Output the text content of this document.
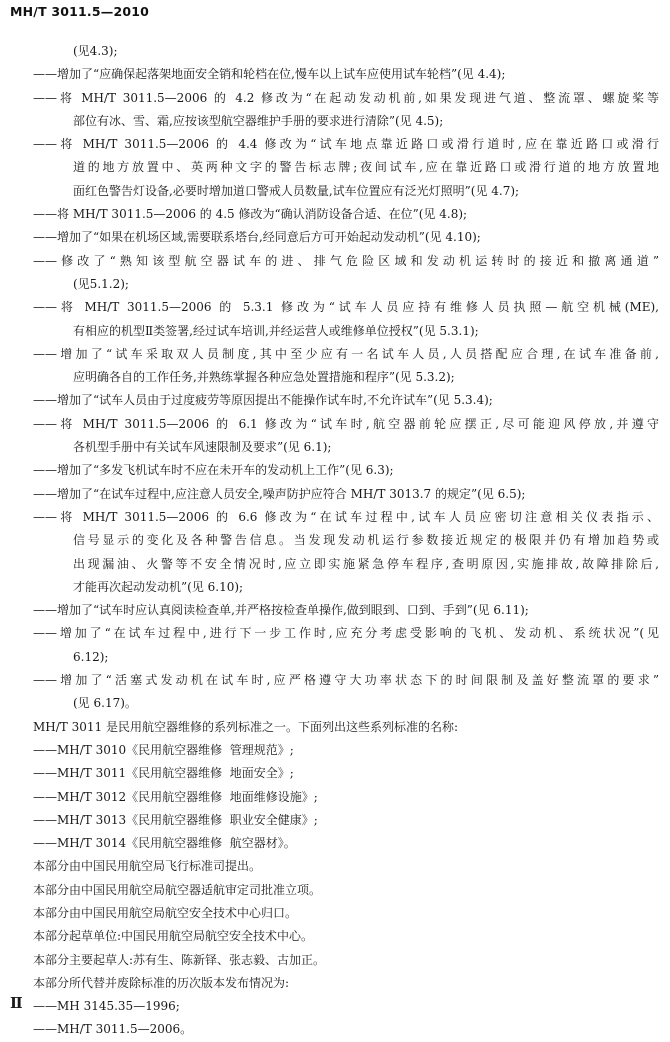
MH/T 3011.5—2010
(见4.3);
——增加了“应确保起落架地面安全销和轮档在位,慢车以上试车应使用试车轮档”(见 4.4);
——将 MH/T 3011.5—2006 的 4.2 修改为“在起动发动机前,如果发现进气道、整流罩、螺旋桨等
部位有冰、雪、霜,应按该型航空器维护手册的要求进行清除”(见 4.5);
——将 MH/T 3011.5—2006 的 4.4 修改为“试车地点靠近路口或滑行道时,应在靠近路口或滑行
道的地方放置中、英两种文字的警告标志牌;夜间试车,应在靠近路口或滑行道的地方放置地
面红色警告灯设备,必要时增加道口警戒人员数量,试车位置应有泛光灯照明”(见 4.7);
——将 MH/T 3011.5—2006 的 4.5 修改为“确认消防设备合适、在位”(见 4.8);
——增加了“如果在机场区域,需要联系塔台,经同意后方可开始起动发动机”(见 4.10);
——修改了“熟知该型航空器试车的进、排气危险区域和发动机运转时的接近和撤离通道”
(见5.1.2);
——将 MH/T 3011.5—2006 的 5.3.1 修改为“试车人员应持有维修人员执照—航空机械(ME),
有相应的机型Ⅱ类签署,经过试车培训,并经运营人或维修单位授权”(见 5.3.1);
——增加了“试车采取双人员制度,其中至少应有一名试车人员,人员搭配应合理,在试车准备前,
应明确各自的工作任务,并熟练掌握各种应急处置措施和程序”(见 5.3.2);
——增加了“试车人员由于过度疲劳等原因提出不能操作试车时,不允许试车”(见 5.3.4);
——将 MH/T 3011.5—2006 的 6.1 修改为“试车时,航空器前轮应摆正,尽可能迎风停放,并遵守
各机型手册中有关试车风速限制及要求”(见 6.1);
——增加了“多发飞机试车时不应在未开车的发动机上工作”(见 6.3);
——增加了“在试车过程中,应注意人员安全,噪声防护应符合 MH/T 3013.7 的规定”(见 6.5);
——将 MH/T 3011.5—2006 的 6.6 修改为“在试车过程中,试车人员应密切注意相关仪表指示、
信号显示的变化及各种警告信息。当发现发动机运行参数接近规定的极限并仍有增加趋势或
出现漏油、火警等不安全情况时,应立即实施紧急停车程序,查明原因,实施排故,故障排除后,
才能再次起动发动机”(见 6.10);
——增加了“试车时应认真阅读检查单,并严格按检查单操作,做到眼到、口到、手到”(见 6.11);
——增加了“在试车过程中,进行下一步工作时,应充分考虑受影响的飞机、发动机、系统状况”(见
6.12);
——增加了“活塞式发动机在试车时,应严格遵守大功率状态下的时间限制及盖好整流罩的要求”
(见 6.17)。
MH/T 3011 是民用航空器维修的系列标准之一。下面列出这些系列标准的名称:
——MH/T 3010《民用航空器维修  管理规范》;
——MH/T 3011《民用航空器维修  地面安全》;
——MH/T 3012《民用航空器维修  地面维修设施》;
——MH/T 3013《民用航空器维修  职业安全健康》;
——MH/T 3014《民用航空器维修  航空器材》。
本部分由中国民用航空局飞行标准司提出。
本部分由中国民用航空局航空器适航审定司批准立项。
本部分由中国民用航空局航空安全技术中心归口。
本部分起草单位:中国民用航空局航空安全技术中心。
本部分主要起草人:苏有生、陈新铎、张志毅、古加正。
本部分所代替并废除标准的历次版本发布情况为:
——MH 3145.35—1996;
——MH/T 3011.5—2006。
Ⅱ
